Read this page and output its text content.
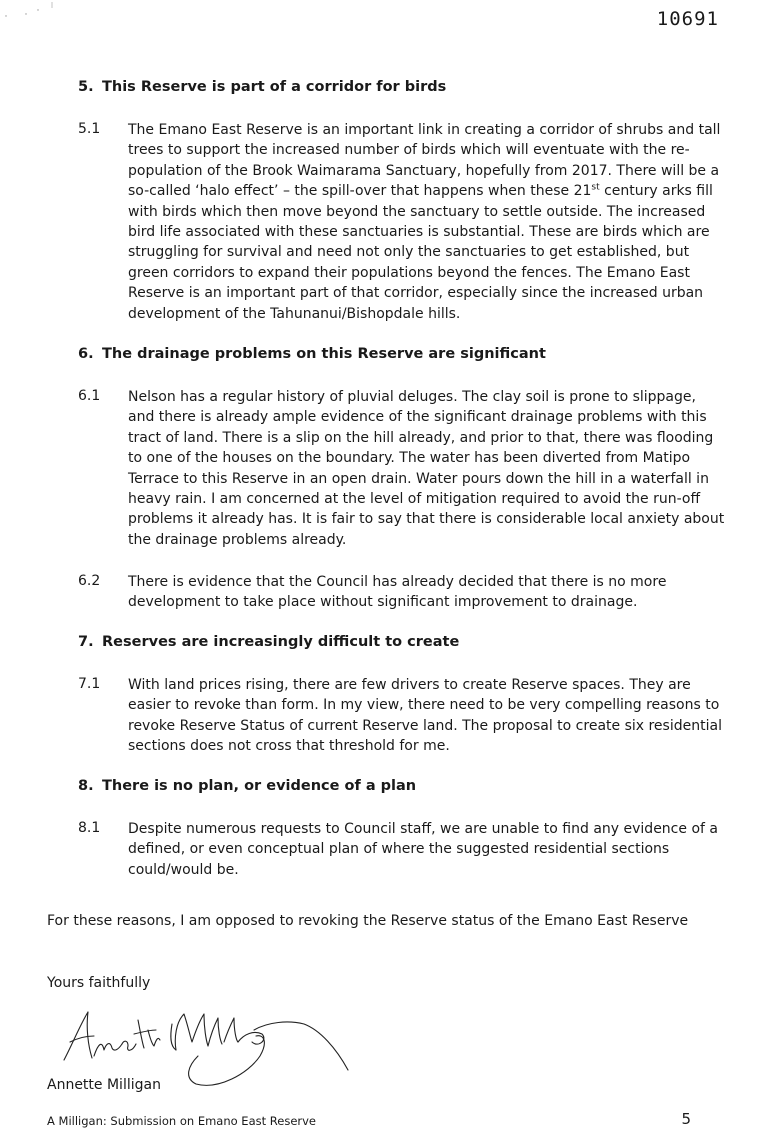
10691
5. This Reserve is part of a corridor for birds
5.1 The Emano East Reserve is an important link in creating a corridor of shrubs and tall
trees to support the increased number of birds which will eventuate with the re-
population of the Brook Waimarama Sanctuary, hopefully from 2017. There will be a
so-called ‘halo effect’ – the spill-over that happens when these 21st century arks fill
with birds which then move beyond the sanctuary to settle outside. The increased
bird life associated with these sanctuaries is substantial. These are birds which are
struggling for survival and need not only the sanctuaries to get established, but
green corridors to expand their populations beyond the fences. The Emano East
Reserve is an important part of that corridor, especially since the increased urban
development of the Tahunanui/Bishopdale hills.
6. The drainage problems on this Reserve are significant
6.1 Nelson has a regular history of pluvial deluges. The clay soil is prone to slippage,
and there is already ample evidence of the significant drainage problems with this
tract of land. There is a slip on the hill already, and prior to that, there was flooding
to one of the houses on the boundary. The water has been diverted from Matipo
Terrace to this Reserve in an open drain. Water pours down the hill in a waterfall in
heavy rain. I am concerned at the level of mitigation required to avoid the run-off
problems it already has. It is fair to say that there is considerable local anxiety about
the drainage problems already.
6.2 There is evidence that the Council has already decided that there is no more
development to take place without significant improvement to drainage.
7. Reserves are increasingly difficult to create
7.1 With land prices rising, there are few drivers to create Reserve spaces. They are
easier to revoke than form. In my view, there need to be very compelling reasons to
revoke Reserve Status of current Reserve land. The proposal to create six residential
sections does not cross that threshold for me.
8. There is no plan, or evidence of a plan
8.1 Despite numerous requests to Council staff, we are unable to find any evidence of a
defined, or even conceptual plan of where the suggested residential sections
could/would be.
For these reasons, I am opposed to revoking the Reserve status of the Emano East Reserve
Yours faithfully
Annette Milligan
A Milligan: Submission on Emano East Reserve	5
